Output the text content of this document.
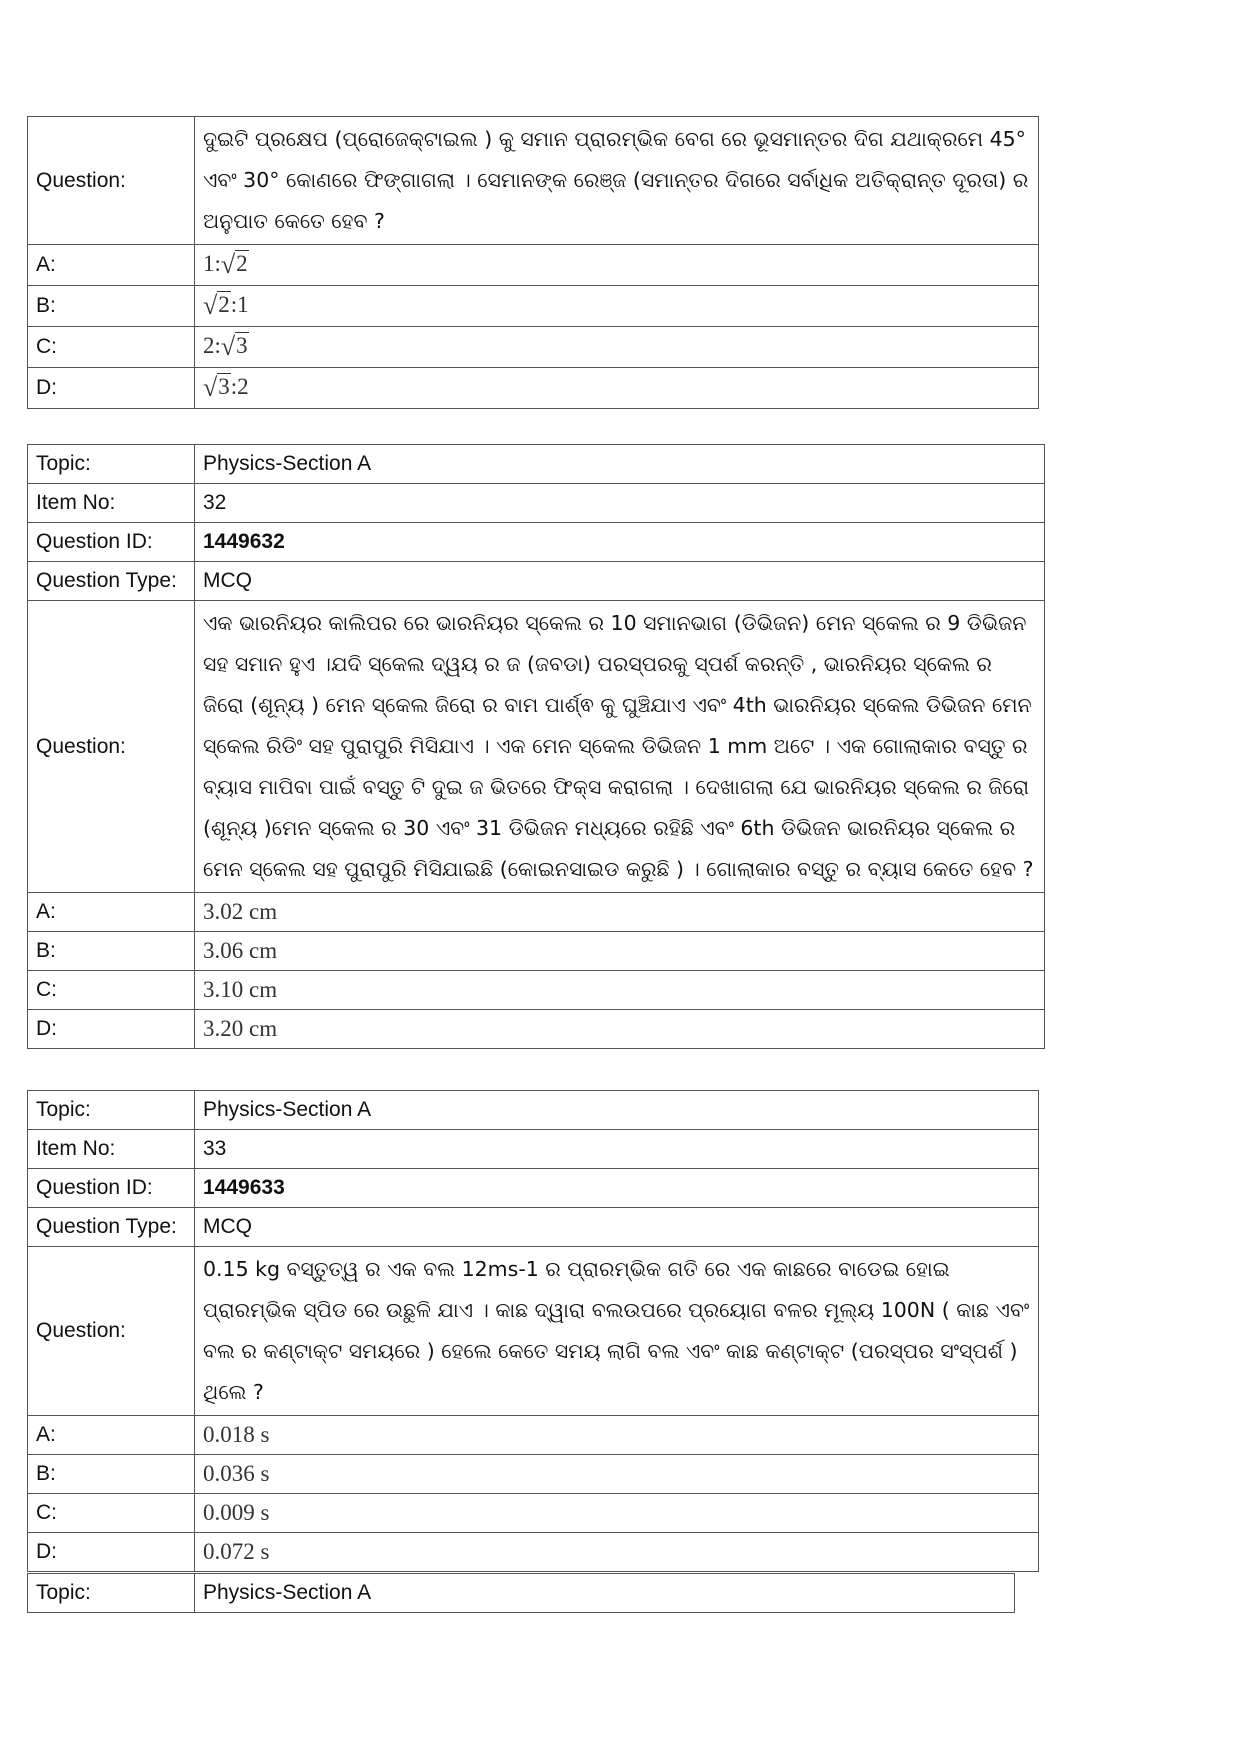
Question:	ଦୁଇଟି ପ୍ରକ୍ଷେପ (ପ୍ରୋଜେକ୍ଟାଇଲ ) କୁ ସମାନ ପ୍ରାରମ୍ଭିକ ବେଗ ରେ ଭୂସମାନ୍ତର ଦିଗ ଯଥାକ୍ରମେ 45° ଏବଂ 30° କୋଣରେ ଫିଙ୍ଗାଗଲା । ସେମାନଙ୍କ ରେଞ୍ଜ (ସମାନ୍ତର ଦିଗରେ ସର୍ବାଧିକ ଅତିକ୍ରାନ୍ତ ଦୂରତା) ର ଅନୁପାତ କେତେ ହେବ ?
A:	1:√2
B:	√2:1
C:	2:√3
D:	√3:2
Topic:	Physics-Section A
Item No:	32
Question ID:	1449632
Question Type:	MCQ
Question:	ଏକ ଭାରନିୟର କାଲିପର ରେ ଭାରନିୟର ସ୍କେଲ ର 10 ସମାନଭାଗ (ଡିଭିଜନ) ମେନ ସ୍କେଲ ର 9 ଡିଭିଜନ ସହ ସମାନ ହୁଏ ।ଯଦି ସ୍କେଲ ଦ୍ୱୟ ର ଜ (ଜବଡା) ପରସ୍ପରକୁ ସ୍ପର୍ଶ କରନ୍ତି , ଭାରନିୟର ସ୍କେଲ ର ଜିରୋ (ଶୂନ୍ୟ ) ମେନ ସ୍କେଲ ଜିରୋ ର ବାମ ପାର୍ଶ୍ଵ କୁ ଘୁଞ୍ଚିଯାଏ ଏବଂ 4th ଭାରନିୟର ସ୍କେଲ ଡିଭିଜନ ମେନ ସ୍କେଲ ରିଡିଂ ସହ ପୁରାପୁରି ମିସିଯାଏ । ଏକ ମେନ ସ୍କେଲ ଡିଭିଜନ 1 mm ଅଟେ । ଏକ ଗୋଲାକାର ବସ୍ତୁ ର ବ୍ୟାସ ମାପିବା ପାଇଁ ବସ୍ତୁ ଟି ଦୁଇ ଜ ଭିତରେ ଫିକ୍ସ କରାଗଲା । ଦେଖାଗଲା ଯେ ଭାରନିୟର ସ୍କେଲ ର ଜିରୋ (ଶୂନ୍ୟ )ମେନ ସ୍କେଲ ର 30 ଏବଂ 31 ଡିଭିଜନ ମଧ୍ୟରେ ରହିଛି ଏବଂ 6th ଡିଭିଜନ ଭାରନିୟର ସ୍କେଲ ର ମେନ ସ୍କେଲ ସହ ପୁରାପୁରି ମିସିଯାଇଛି (କୋଇନସାଇଡ କରୁଛି ) । ଗୋଲାକାର ବସ୍ତୁ ର ବ୍ୟାସ କେତେ ହେବ ?
A:	3.02 cm
B:	3.06 cm
C:	3.10 cm
D:	3.20 cm
Topic:	Physics-Section A
Item No:	33
Question ID:	1449633
Question Type:	MCQ
Question:	0.15 kg ବସ୍ତୁତ୍ୱ ର ଏକ ବଲ 12ms-1 ର ପ୍ରାରମ୍ଭିକ ଗତି ରେ ଏକ କାଛରେ ବାଡେଇ ହୋଇ ପ୍ରାରମ୍ଭିକ ସ୍ପିଡ ରେ ଉଛୁଳି ଯାଏ । କାଛ ଦ୍ୱାରା ବଲଉପରେ ପ୍ରୟୋଗ ବଳର ମୂଲ୍ୟ 100N ( କାଛ ଏବଂ ବଲ ର କଣ୍ଟାକ୍ଟ ସମୟରେ ) ହେଲେ କେତେ ସମୟ ଲାଗି ବଲ ଏବଂ କାଛ କଣ୍ଟାକ୍ଟ (ପରସ୍ପର ସଂସ୍ପର୍ଶ ) ଥିଲେ ?
A:	0.018 s
B:	0.036 s
C:	0.009 s
D:	0.072 s
Topic:	Physics-Section A
